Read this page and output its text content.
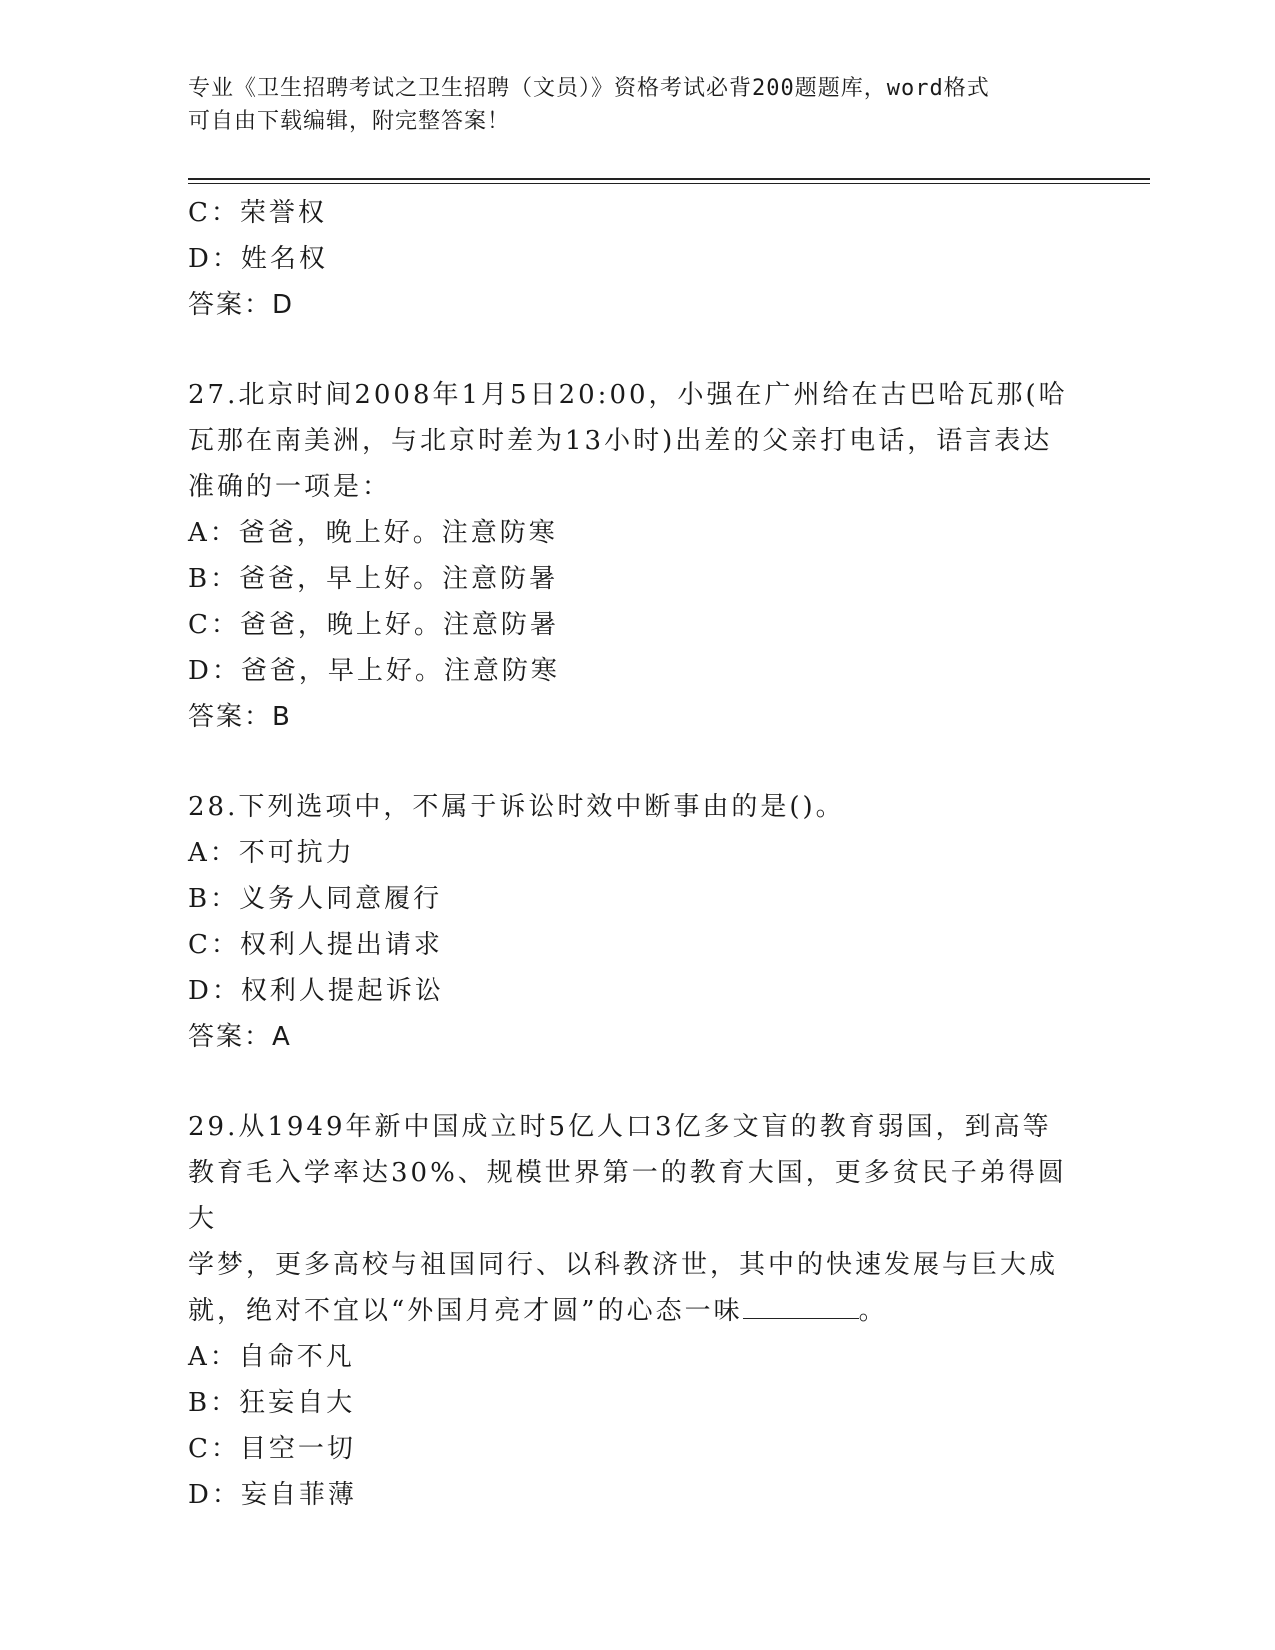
专业《卫生招聘考试之卫生招聘（文员）》资格考试必背200题题库，word格式
可自由下载编辑，附完整答案！
C：荣誉权
D：姓名权
答案：D
27.北京时间2008年1月5日20:00，小强在广州给在古巴哈瓦那(哈
瓦那在南美洲，与北京时差为13小时)出差的父亲打电话，语言表达
准确的一项是：
A：爸爸，晚上好。注意防寒
B：爸爸，早上好。注意防暑
C：爸爸，晚上好。注意防暑
D：爸爸，早上好。注意防寒
答案：B
28.下列选项中，不属于诉讼时效中断事由的是()。
A：不可抗力
B：义务人同意履行
C：权利人提出请求
D：权利人提起诉讼
答案：A
29.从1949年新中国成立时5亿人口3亿多文盲的教育弱国，到高等
教育毛入学率达30%、规模世界第一的教育大国，更多贫民子弟得圆大
学梦，更多高校与祖国同行、以科教济世，其中的快速发展与巨大成
就，绝对不宜以“外国月亮才圆”的心态一味	。
A：自命不凡
B：狂妄自大
C：目空一切
D：妄自菲薄
